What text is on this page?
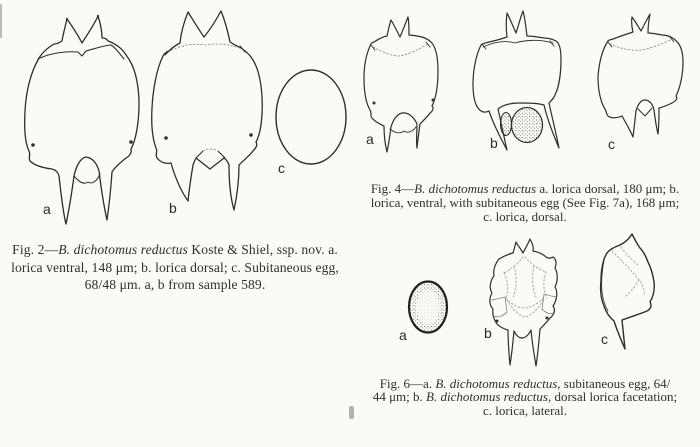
a	b
c
a	b	c
a	b	c
Fig. 2—B. dichotomus reductus Koste & Shiel, ssp. nov. a.
lorica ventral, 148 μm; b. lorica dorsal; c. Subitaneous egg,
68/48 μm. a, b from sample 589.
Fig. 4—B. dichotomus reductus a. lorica dorsal, 180 μm; b.
lorica, ventral, with subitaneous egg (See Fig. 7a), 168 μm;
c. lorica, dorsal.
Fig. 6—a. B. dichotomus reductus, subitaneous egg, 64/
44 μm; b. B. dichotomus reductus, dorsal lorica facetation;
c. lorica, lateral.
